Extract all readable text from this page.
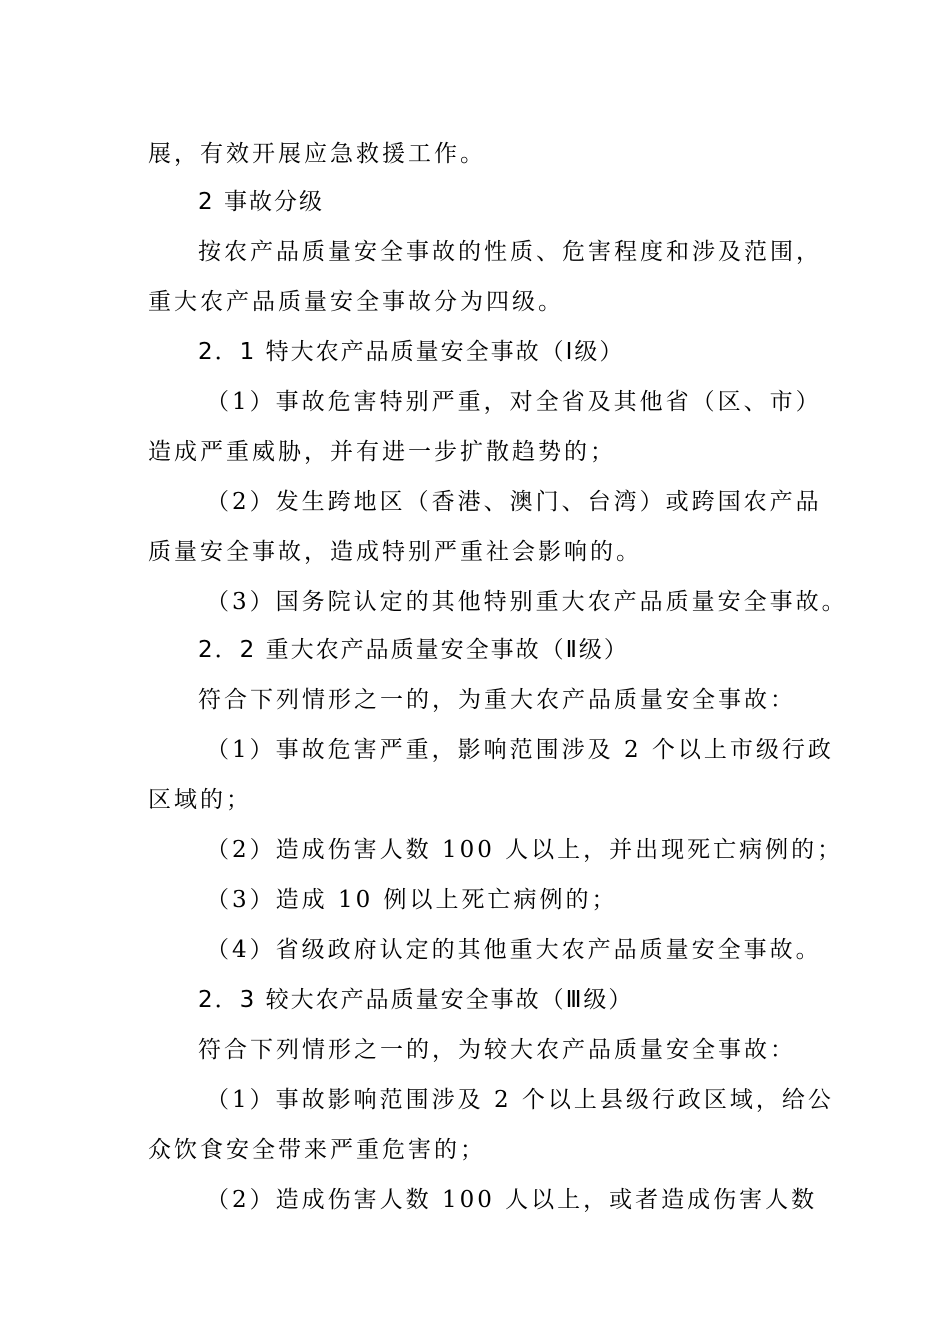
展，有效开展应急救援工作。
2 事故分级
按农产品质量安全事故的性质、危害程度和涉及范围，
重大农产品质量安全事故分为四级。
2．1 特大农产品质量安全事故（Ⅰ级）
（1）事故危害特别严重，对全省及其他省（区、市）
造成严重威胁，并有进一步扩散趋势的；
（2）发生跨地区（香港、澳门、台湾）或跨国农产品
质量安全事故，造成特别严重社会影响的。
（3）国务院认定的其他特别重大农产品质量安全事故。
2．2 重大农产品质量安全事故（Ⅱ级）
符合下列情形之一的，为重大农产品质量安全事故：
（1）事故危害严重，影响范围涉及 2 个以上市级行政
区域的；
（2）造成伤害人数 100 人以上，并出现死亡病例的；
（3）造成 10 例以上死亡病例的；
（4）省级政府认定的其他重大农产品质量安全事故。
2．3 较大农产品质量安全事故（Ⅲ级）
符合下列情形之一的，为较大农产品质量安全事故：
（1）事故影响范围涉及 2 个以上县级行政区域，给公
众饮食安全带来严重危害的；
（2）造成伤害人数 100 人以上，或者造成伤害人数
